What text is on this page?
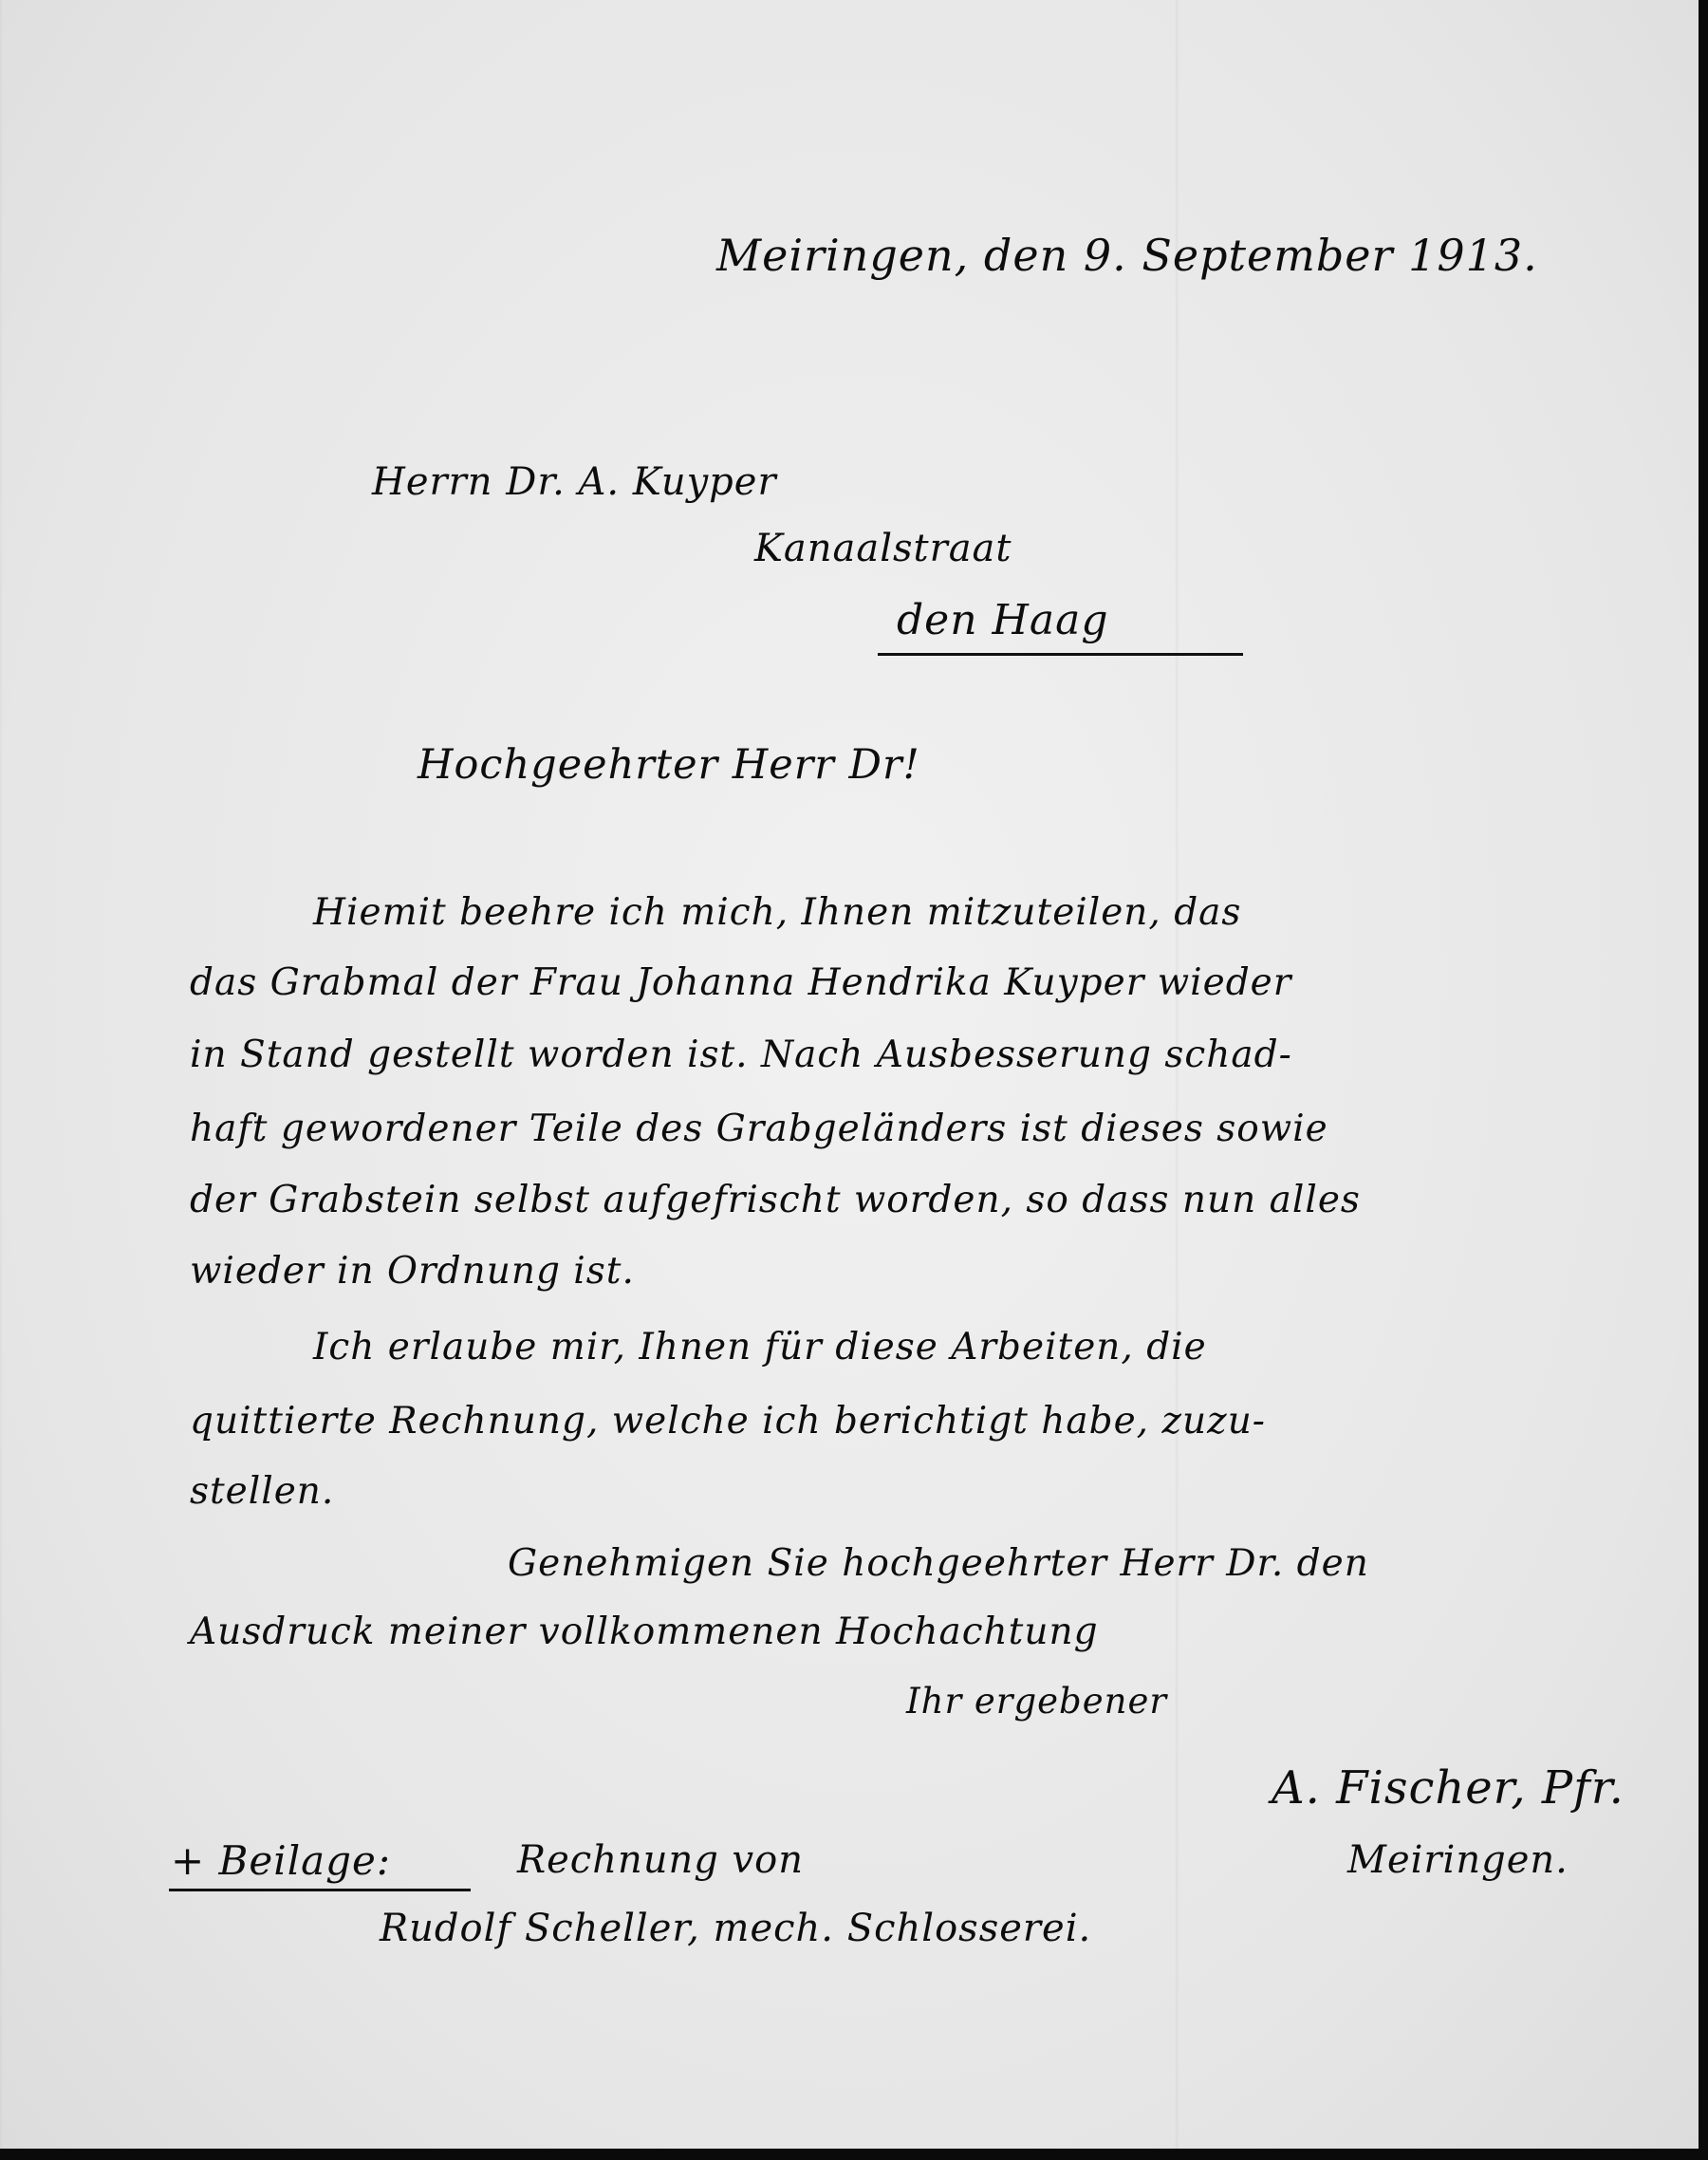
Meiringen, den 9. September 1913.

Herrn Dr. A. Kuyper

Kanaalstraat

den Haag

Hochgeehrter Herr Dr!

Hiemit beehre ich mich, Ihnen mitzuteilen, das

das Grabmal der Frau Johanna Hendrika Kuyper wieder

in Stand gestellt worden ist. Nach Ausbesserung schad-

haft gewordener Teile des Grabgeländers ist dieses sowie

der Grabstein selbst aufgefrischt worden, so dass nun alles

wieder in Ordnung ist.

Ich erlaube mir, Ihnen für diese Arbeiten, die

quittierte Rechnung, welche ich berichtigt habe, zuzu-

stellen.

Genehmigen Sie hochgeehrter Herr Dr. den

Ausdruck meiner vollkommenen Hochachtung

Ihr ergebener

A. Fischer, Pfr.

Meiringen.

+ Beilage:	Rechnung von

Rudolf Scheller, mech. Schlosserei.
